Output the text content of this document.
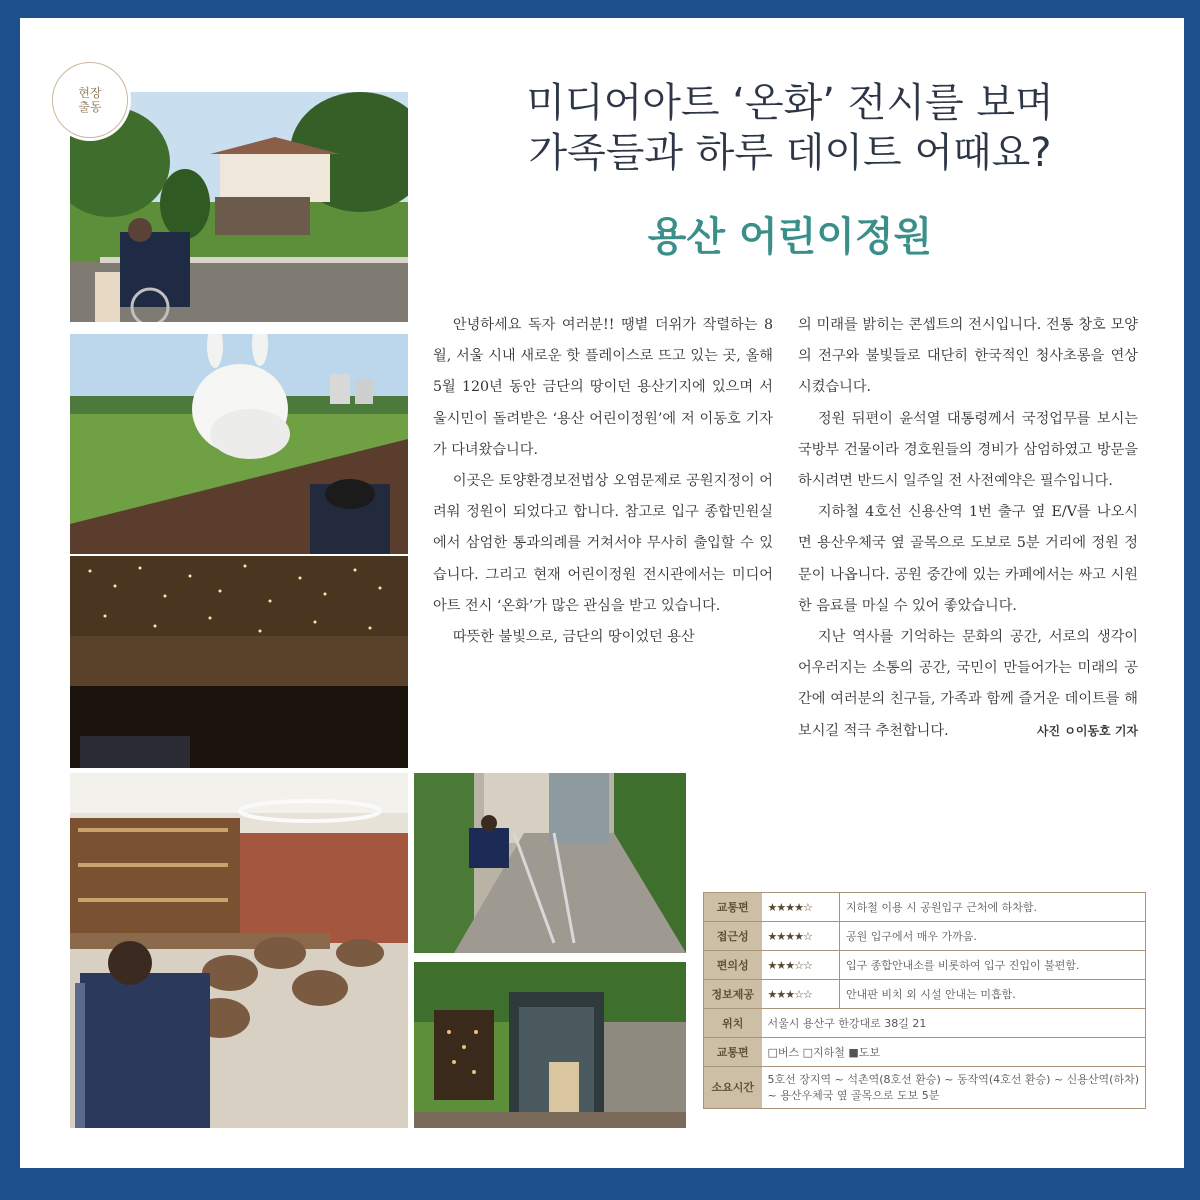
현장
출동	미디어아트 ‘온화’ 전시를 보며
가족들과 하루 데이트 어때요?
용산 어린이정원

안녕하세요 독자 여러분!! 땡볕 더위가 작렬하는 8월, 서울 시내 새로운 핫 플레이스로 뜨고 있는 곳, 올해 5월 120년 동안 금단의 땅이던 용산기지에 있으며 서울시민이 돌려받은 ‘용산 어린이정원’에 저 이동호 기자가 다녀왔습니다.

이곳은 토양환경보전법상 오염문제로 공원지정이 어려워 정원이 되었다고 합니다. 참고로 입구 종합민원실에서 삼엄한 통과의례를 거쳐서야 무사히 출입할 수 있습니다. 그리고 현재 어린이정원 전시관에서는 미디어아트 전시 ‘온화’가 많은 관심을 받고 있습니다.

따뜻한 불빛으로, 금단의 땅이었던 용산

의 미래를 밝히는 콘셉트의 전시입니다. 전통 창호 모양의 전구와 불빛들로 대단히 한국적인 청사초롱을 연상시켰습니다.

정원 뒤편이 윤석열 대통령께서 국정업무를 보시는 국방부 건물이라 경호원들의 경비가 삼엄하였고 방문을 하시려면 반드시 일주일 전 사전예약은 필수입니다.

지하철 4호선 신용산역 1번 출구 옆 E/V를 나오시면 용산우체국 옆 골목으로 도보로 5분 거리에 정원 정문이 나옵니다. 공원 중간에 있는 카페에서는 싸고 시원한 음료를 마실 수 있어 좋았습니다.

지난 역사를 기억하는 문화의 공간, 서로의 생각이 어우러지는 소통의 공간, 국민이 만들어가는 미래의 공간에 여러분의 친구들, 가족과 함께 즐거운 데이트를 해보시길 적극 추천합니다.	사진 ㅇ이동호 기자

교통편	★★★★☆	지하철 이용 시 공원입구 근처에 하차함.
접근성	★★★★☆	공원 입구에서 매우 가까움.
편의성	★★★☆☆	입구 종합안내소를 비롯하여 입구 진입이 불편함.
정보제공	★★★☆☆	안내판 비치 외 시설 안내는 미흡함.
위치	서울시 용산구 한강대로 38길 21	
교통편	□버스 □지하철 ■도보	
소요시간	5호선 장지역 ~ 석촌역(8호선 환승) ~ 동작역(4호선 환승) ~ 신용산역(하차) ~ 용산우체국 옆 골목으로 도보 5분	
